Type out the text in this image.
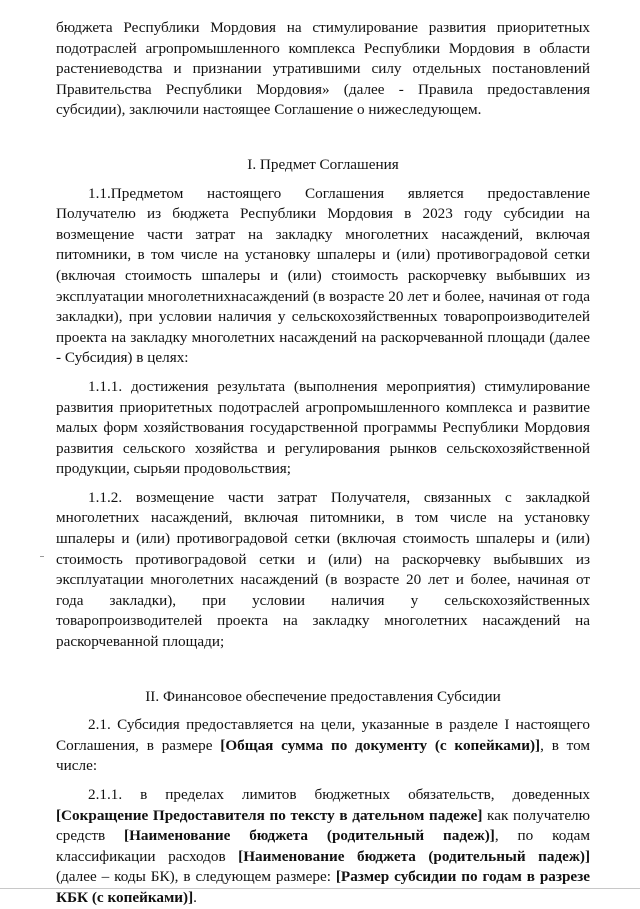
бюджета Республики Мордовия на стимулирование развития приоритетных подотраслей агропромышленного комплекса Республики Мордовия в области растениеводства и признании утратившими силу отдельных постановлений Правительства Республики Мордовия» (далее - Правила предоставления субсидии), заключили настоящее Соглашение о нижеследующем.

I. Предмет Соглашения

1.1.Предметом настоящего Соглашения является предоставление Получателю из бюджета Республики Мордовия в 2023 году субсидии на возмещение части затрат на закладку многолетних насаждений, включая питомники, в том числе на установку шпалеры и (или) противоградовой сетки (включая стоимость шпалеры и (или) стоимость раскорчевку выбывших из эксплуатации многолетнихнасаждений (в возрасте 20 лет и более, начиная от года закладки), при условии наличия у сельскохозяйственных товаропроизводителей проекта на закладку многолетних насаждений на раскорчеванной площади (далее - Субсидия) в целях:

1.1.1. достижения результата (выполнения мероприятия) стимулирование развития приоритетных подотраслей агропромышленного комплекса и развитие малых форм хозяйствования государственной программы Республики Мордовия развития сельского хозяйства и регулирования рынков сельскохозяйственной продукции, сырьяи продовольствия;

1.1.2. возмещение части затрат Получателя, связанных с закладкой многолетних насаждений, включая питомники, в том числе на установку шпалеры и (или) противоградовой сетки (включая стоимость шпалеры и (или) стоимость противоградовой сетки и (или) на раскорчевку выбывших из эксплуатации многолетних насаждений (в возрасте 20 лет и более, начиная от года закладки), при условии наличия у сельскохозяйственных товаропроизводителей проекта на закладку многолетних насаждений на раскорчеванной площади;

II. Финансовое обеспечение предоставления Субсидии

2.1. Субсидия предоставляется на цели, указанные в разделе I настоящего Соглашения, в размере [Общая сумма по документу (с копейками)], в том числе:

2.1.1. в пределах лимитов бюджетных обязательств, доведенных [Сокращение Предоставителя по тексту в дательном падеже] как получателю средств [Наименование бюджета (родительный падеж)], по кодам классификации расходов [Наименование бюджета (родительный падеж)] (далее – коды БК), в следующем размере: [Размер субсидии по годам в разрезе КБК (с копейками)].
